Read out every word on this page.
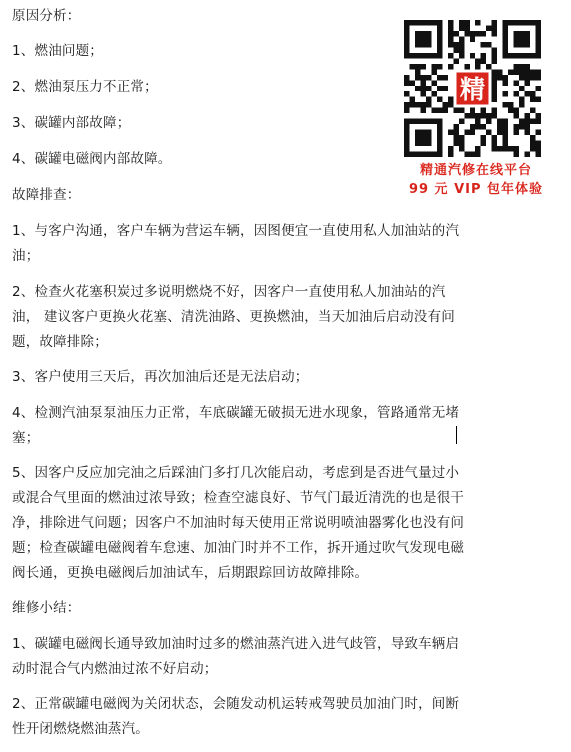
原因分析：
1、燃油问题；
2、燃油泵压力不正常；
3、碳罐内部故障；
4、碳罐电磁阀内部故障。
故障排查：
1、与客户沟通，客户车辆为营运车辆，因图便宜一直使用私人加油站的汽
油；
2、检查火花塞积炭过多说明燃烧不好，因客户一直使用私人加油站的汽
油， 建议客户更换火花塞、清洗油路、更换燃油，当天加油后启动没有问
题，故障排除；
3、客户使用三天后，再次加油后还是无法启动；
4、检测汽油泵泵油压力正常，车底碳罐无破损无进水现象，管路通常无堵
塞；
5、因客户反应加完油之后踩油门多打几次能启动，考虑到是否进气量过小
或混合气里面的燃油过浓导致；检查空滤良好、节气门最近清洗的也是很干
净，排除进气问题；因客户不加油时每天使用正常说明喷油器雾化也没有问
题；检查碳罐电磁阀着车怠速、加油门时并不工作，拆开通过吹气发现电磁
阀长通，更换电磁阀后加油试车，后期跟踪回访故障排除。
维修小结：
1、碳罐电磁阀长通导致加油时过多的燃油蒸汽进入进气歧管，导致车辆启
动时混合气内燃油过浓不好启动；
2、正常碳罐电磁阀为关闭状态，会随发动机运转戒驾驶员加油门时，间断
性开闭燃烧燃油蒸汽。
精
精通汽修在线平台
99 元 VIP 包年体验
